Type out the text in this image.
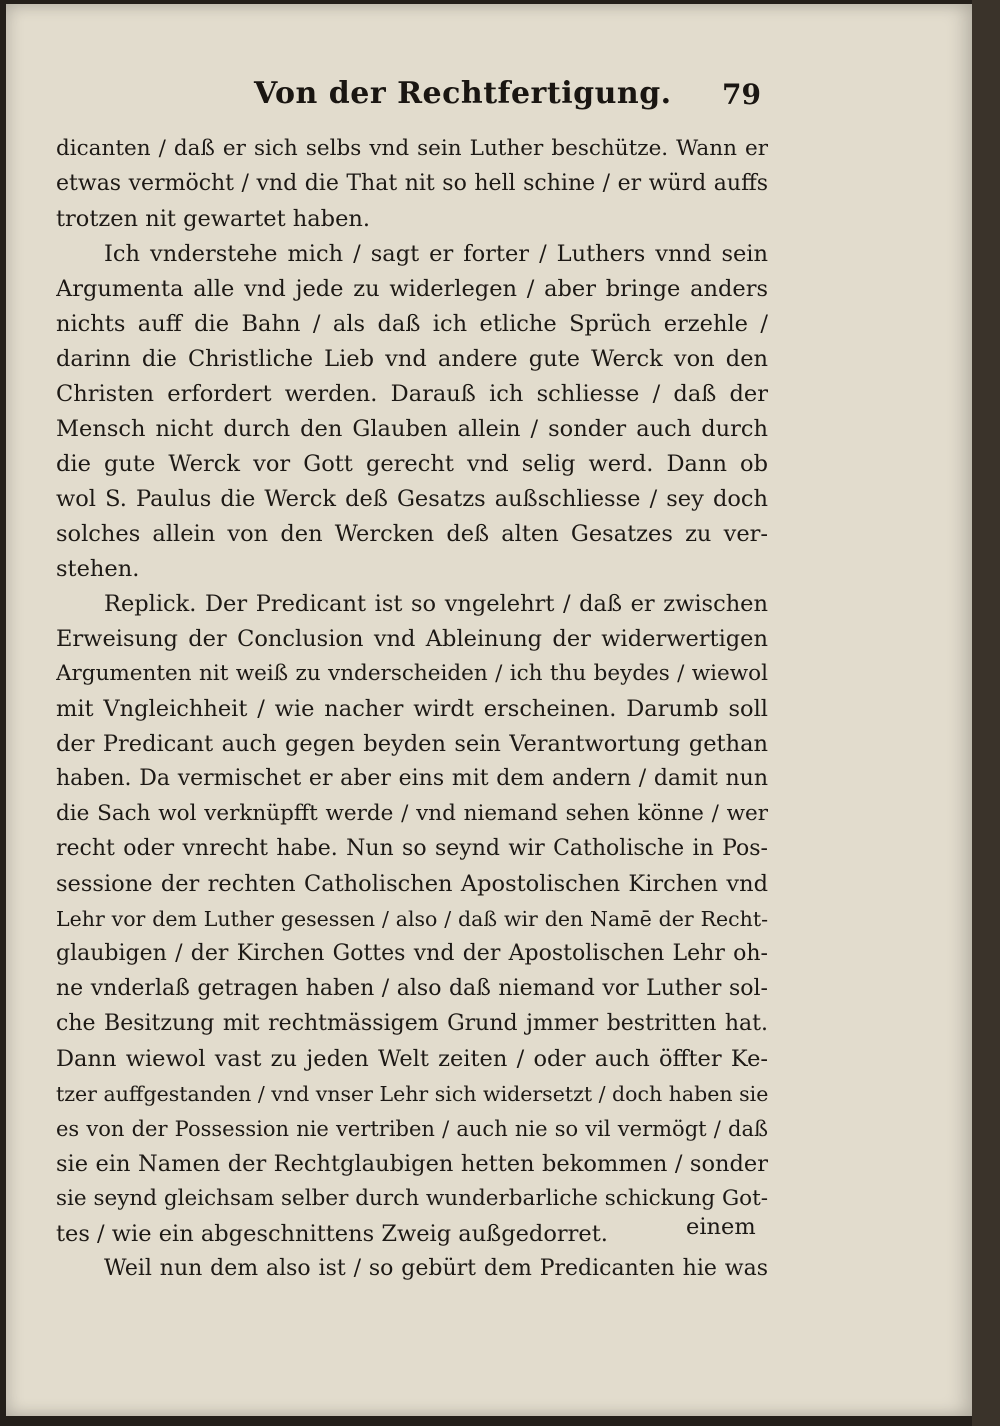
Von der Rechtfertigung. 79
dicanten / daß er sich selbs vnd sein Luther beschütze. Wann er
etwas vermöcht / vnd die That nit so hell schine / er würd auffs
trotzen nit gewartet haben.
Ich vnderstehe mich / sagt er forter / Luthers vnnd sein
Argumenta alle vnd jede zu widerlegen / aber bringe anders
nichts auff die Bahn / als daß ich etliche Sprüch erzehle /
darinn die Christliche Lieb vnd andere gute Werck von den
Christen erfordert werden. Darauß ich schliesse / daß der
Mensch nicht durch den Glauben allein / sonder auch durch
die gute Werck vor Gott gerecht vnd selig werd. Dann ob
wol S. Paulus die Werck deß Gesatzs außschliesse / sey doch
solches allein von den Wercken deß alten Gesatzes zu ver-
stehen.
Replick. Der Predicant ist so vngelehrt / daß er zwischen
Erweisung der Conclusion vnd Ableinung der widerwertigen
Argumenten nit weiß zu vnderscheiden / ich thu beydes / wiewol
mit Vngleichheit / wie nacher wirdt erscheinen. Darumb soll
der Predicant auch gegen beyden sein Verantwortung gethan
haben. Da vermischet er aber eins mit dem andern / damit nun
die Sach wol verknüpfft werde / vnd niemand sehen könne / wer
recht oder vnrecht habe. Nun so seynd wir Catholische in Pos-
sessione der rechten Catholischen Apostolischen Kirchen vnd
Lehr vor dem Luther gesessen / also / daß wir den Namē der Recht-
glaubigen / der Kirchen Gottes vnd der Apostolischen Lehr oh-
ne vnderlaß getragen haben / also daß niemand vor Luther sol-
che Besitzung mit rechtmässigem Grund jmmer bestritten hat.
Dann wiewol vast zu jeden Welt zeiten / oder auch öffter Ke-
tzer auffgestanden / vnd vnser Lehr sich widersetzt / doch haben sie
es von der Possession nie vertriben / auch nie so vil vermögt / daß
sie ein Namen der Rechtglaubigen hetten bekommen / sonder
sie seynd gleichsam selber durch wunderbarliche schickung Got-
tes / wie ein abgeschnittens Zweig außgedorret.
Weil nun dem also ist / so gebürt dem Predicanten hie was
einem
